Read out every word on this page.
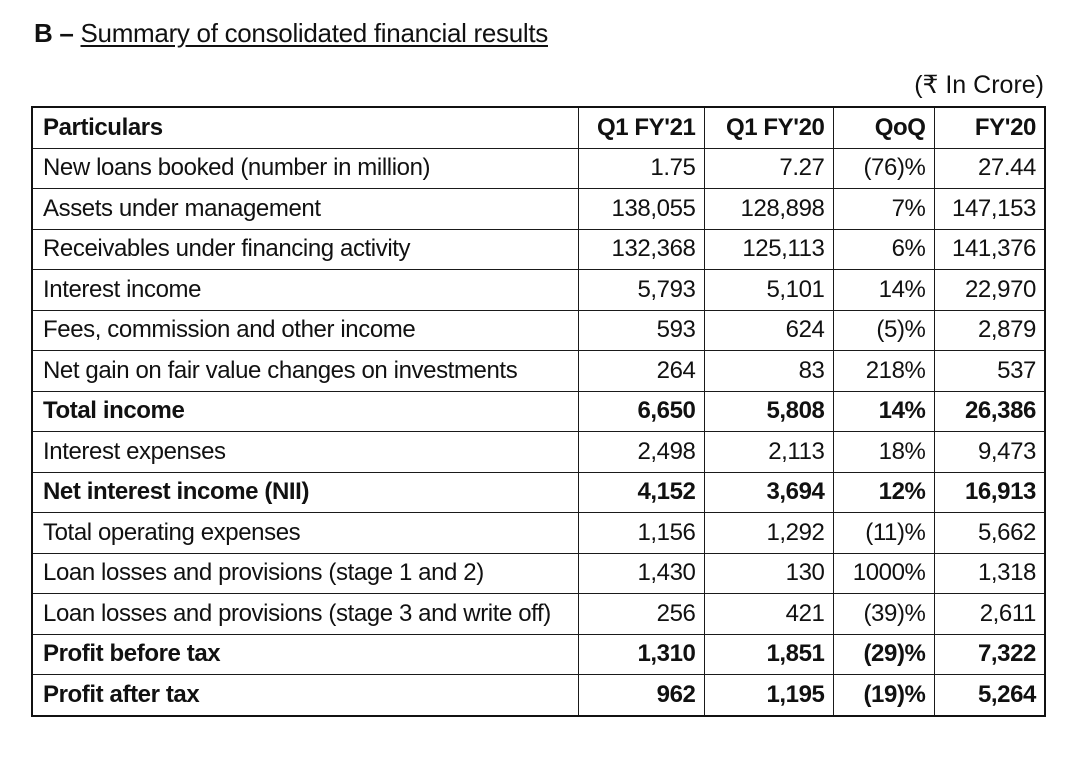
B – Summary of consolidated financial results
(₹ In Crore)
Particulars	Q1 FY'21	Q1 FY'20	QoQ	FY'20
New loans booked (number in million)	1.75	7.27	(76)%	27.44
Assets under management	138,055	128,898	7%	147,153
Receivables under financing activity	132,368	125,113	6%	141,376
Interest income	5,793	5,101	14%	22,970
Fees, commission and other income	593	624	(5)%	2,879
Net gain on fair value changes on investments	264	83	218%	537
Total income	6,650	5,808	14%	26,386
Interest expenses	2,498	2,113	18%	9,473
Net interest income (NII)	4,152	3,694	12%	16,913
Total operating expenses	1,156	1,292	(11)%	5,662
Loan losses and provisions (stage 1 and 2)	1,430	130	1000%	1,318
Loan losses and provisions (stage 3 and write off)	256	421	(39)%	2,611
Profit before tax	1,310	1,851	(29)%	7,322
Profit after tax	962	1,195	(19)%	5,264
